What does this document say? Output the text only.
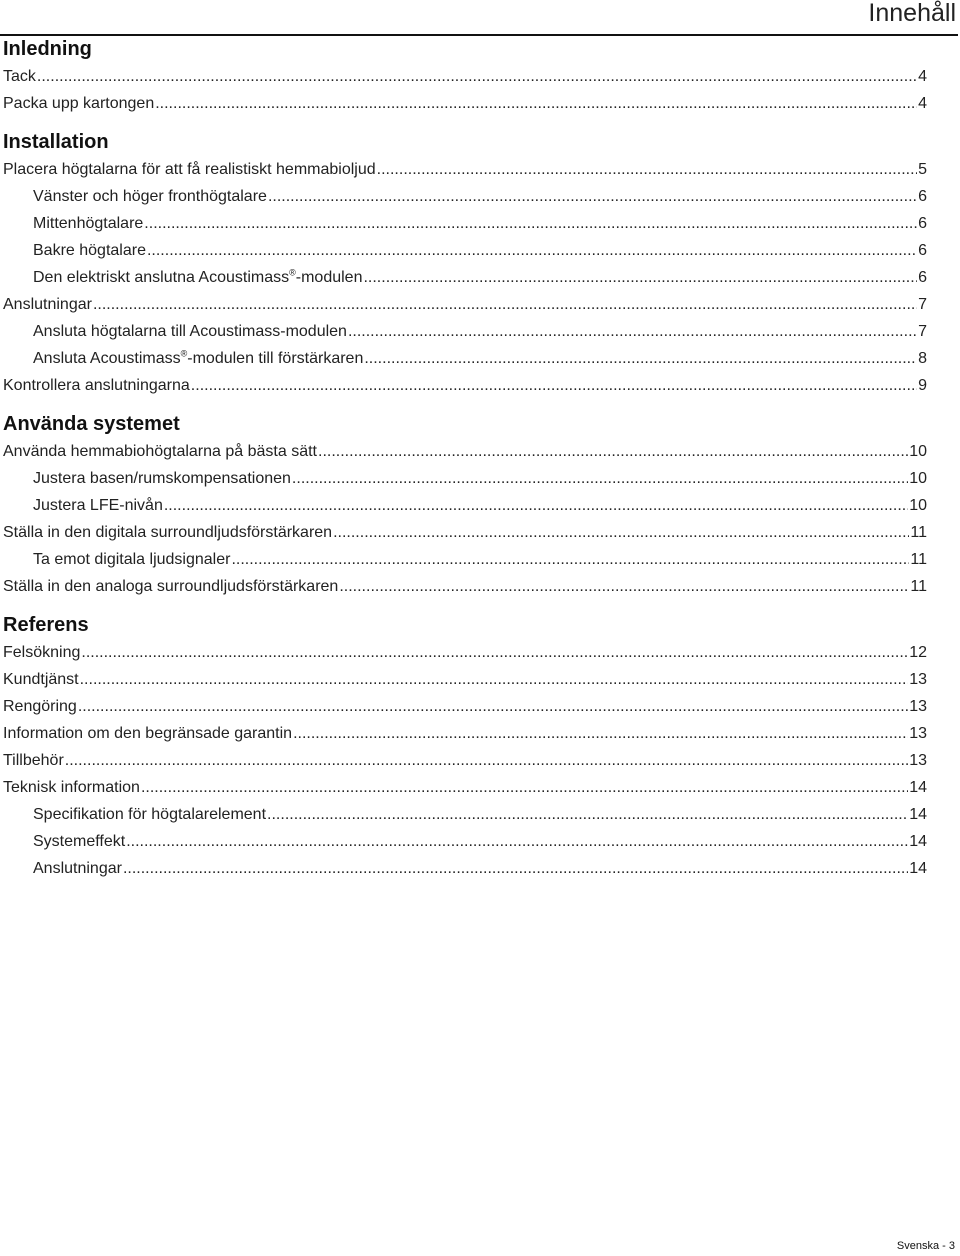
Innehåll
Inledning
Tack .....	4
Packa upp kartongen .....	4
Installation
Placera högtalarna för att få realistiskt hemmabioljud .....	5
Vänster och höger fronthögtalare .....	6
Mittenhögtalare .....	6
Bakre högtalare .....	6
Den elektriskt anslutna Acoustimass®-modulen .....	6
Anslutningar .....	7
Ansluta högtalarna till Acoustimass-modulen .....	7
Ansluta Acoustimass®-modulen till förstärkaren .....	8
Kontrollera anslutningarna .....	9
Använda systemet
Använda hemmabiohögtalarna på bästa sätt .....	10
Justera basen/rumskompensationen .....	10
Justera LFE-nivån .....	10
Ställa in den digitala surroundljudsförstärkaren .....	11
Ta emot digitala ljudsignaler .....	11
Ställa in den analoga surroundljudsförstärkaren .....	11
Referens
Felsökning .....	12
Kundtjänst .....	13
Rengöring .....	13
Information om den begränsade garantin .....	13
Tillbehör .....	13
Teknisk information .....	14
Specifikation för högtalarelement .....	14
Systemeffekt .....	14
Anslutningar .....	14
Svenska - 3
